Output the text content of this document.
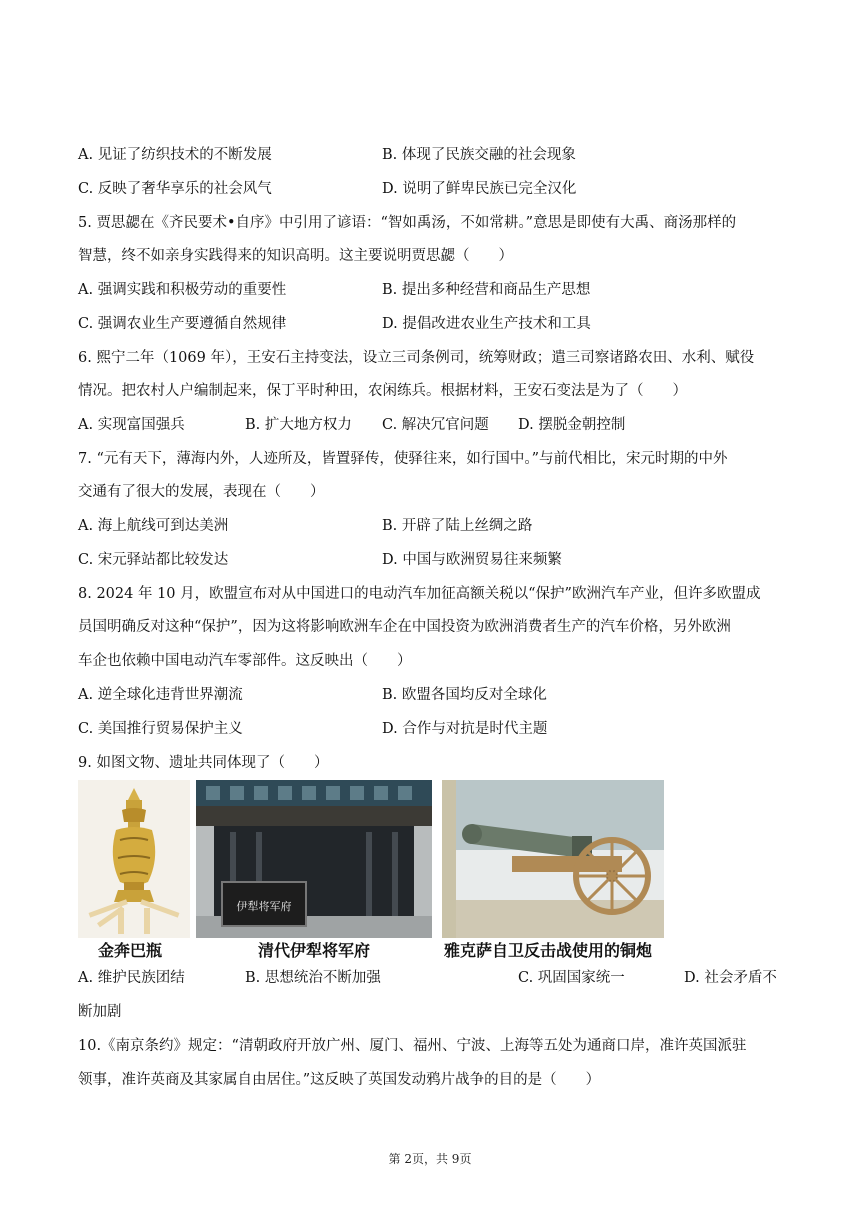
A. 见证了纺织技术的不断发展	B. 体现了民族交融的社会现象
C. 反映了奢华享乐的社会风气	D. 说明了鲜卑民族已完全汉化
5. 贾思勰在《齐民要术•自序》中引用了谚语：“智如禹汤，不如常耕。”意思是即使有大禹、商汤那样的
智慧，终不如亲身实践得来的知识高明。这主要说明贾思勰（　　）
A. 强调实践和积极劳动的重要性	B. 提出多种经营和商品生产思想
C. 强调农业生产要遵循自然规律	D. 提倡改进农业生产技术和工具
6. 熙宁二年（1069 年），王安石主持变法，设立三司条例司，统筹财政；遣三司察诸路农田、水利、赋役
情况。把农村人户编制起来，保丁平时种田，农闲练兵。根据材料，王安石变法是为了（　　）
A. 实现富国强兵	B. 扩大地方权力 C. 解决冗官问题 D. 摆脱金朝控制
7. “元有天下，薄海内外，人迹所及，皆置驿传，使驿往来，如行国中。”与前代相比，宋元时期的中外
交通有了很大的发展，表现在（　　）
A. 海上航线可到达美洲	B. 开辟了陆上丝绸之路
C. 宋元驿站都比较发达	D. 中国与欧洲贸易往来频繁
8. 2024 年 10 月，欧盟宣布对从中国进口的电动汽车加征高额关税以“保护”欧洲汽车产业，但许多欧盟成
员国明确反对这种“保护”，因为这将影响欧洲车企在中国投资为欧洲消费者生产的汽车价格，另外欧洲
车企也依赖中国电动汽车零部件。这反映出（　　）
A. 逆全球化违背世界潮流	B. 欧盟各国均反对全球化
C. 美国推行贸易保护主义	D. 合作与对抗是时代主题
9. 如图文物、遗址共同体现了（　　）
伊犁将军府
金奔巴瓶	清代伊犁将军府	雅克萨自卫反击战使用的铜炮
A. 维护民族团结	B. 思想统治不断加强	C. 巩固国家统一	D. 社会矛盾不
断加剧
10.《南京条约》规定：“清朝政府开放广州、厦门、福州、宁波、上海等五处为通商口岸，准许英国派驻
领事，准许英商及其家属自由居住。”这反映了英国发动鸦片战争的目的是（　　）
第 2页，共 9页
